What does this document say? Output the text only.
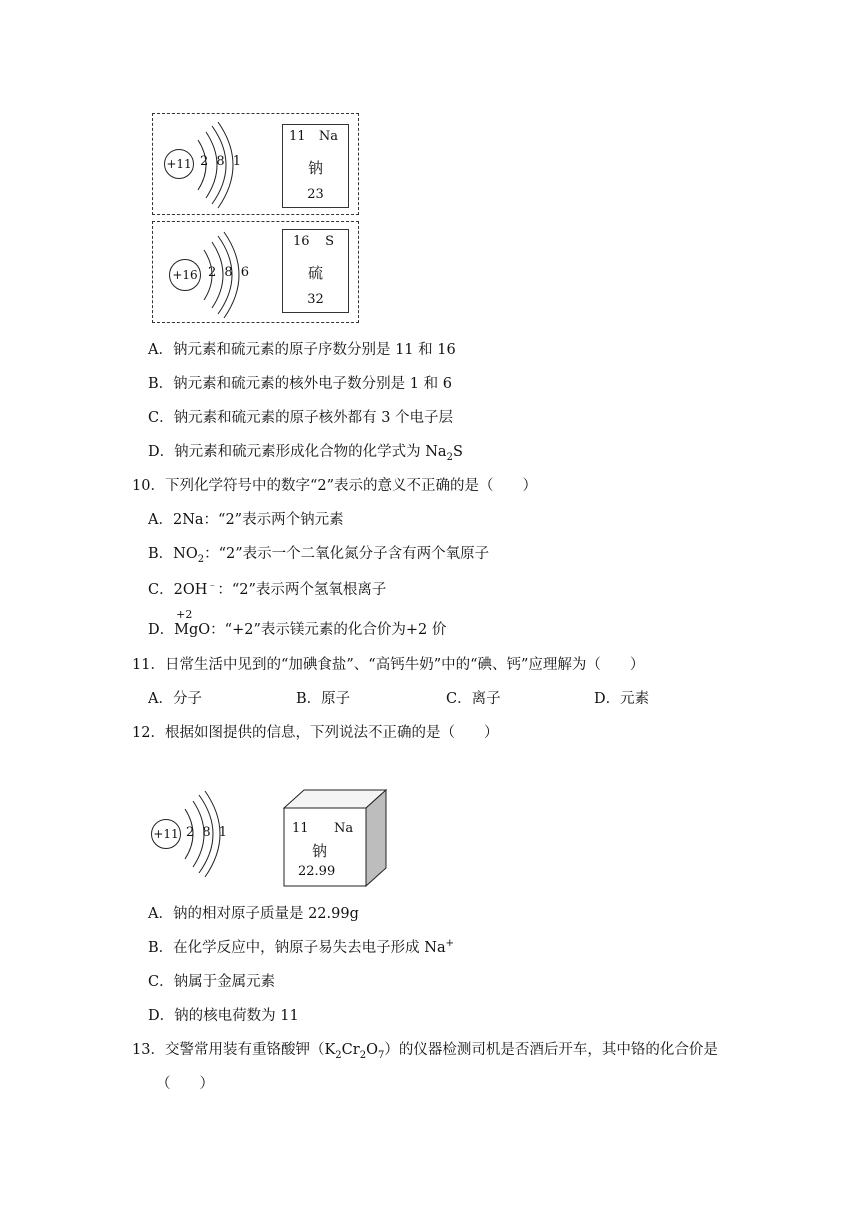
+11 2 8 1
11 Na
钠
23
+16 2 8 6
16 S
硫
32
A．钠元素和硫元素的原子序数分别是 11 和 16
B．钠元素和硫元素的核外电子数分别是 1 和 6
C．钠元素和硫元素的原子核外都有 3 个电子层
D．钠元素和硫元素形成化合物的化学式为 $Na_2S$
10．下列化学符号中的数字“2”表示的意义不正确的是（　　）
A．2Na：“2”表示两个钠元素
B．$NO_2$：“2”表示一个二氧化氮分子含有两个氧原子
C．2OH﹣：“2”表示两个氢氧根离子
D．
+2
MgO：“+2”表示镁元素的化合价为+2 价
11．日常生活中见到的“加碘食盐”、“高钙牛奶”中的“碘、钙”应理解为（　　）
A．分子	B．原子	C．离子	D．元素
12．根据如图提供的信息，下列说法不正确的是（　　）
+11 2 8 1	11 Na
钠
22.99
A．钠的相对原子质量是 22.99g
B．在化学反应中，钠原子易失去电子形成 Na+
C．钠属于金属元素
D．钠的核电荷数为 11
13．交警常用装有重铬酸钾$(K_2Cr_2O_7)$的仪器检测司机是否酒后开车，其中铬的化合价是
（　　）
